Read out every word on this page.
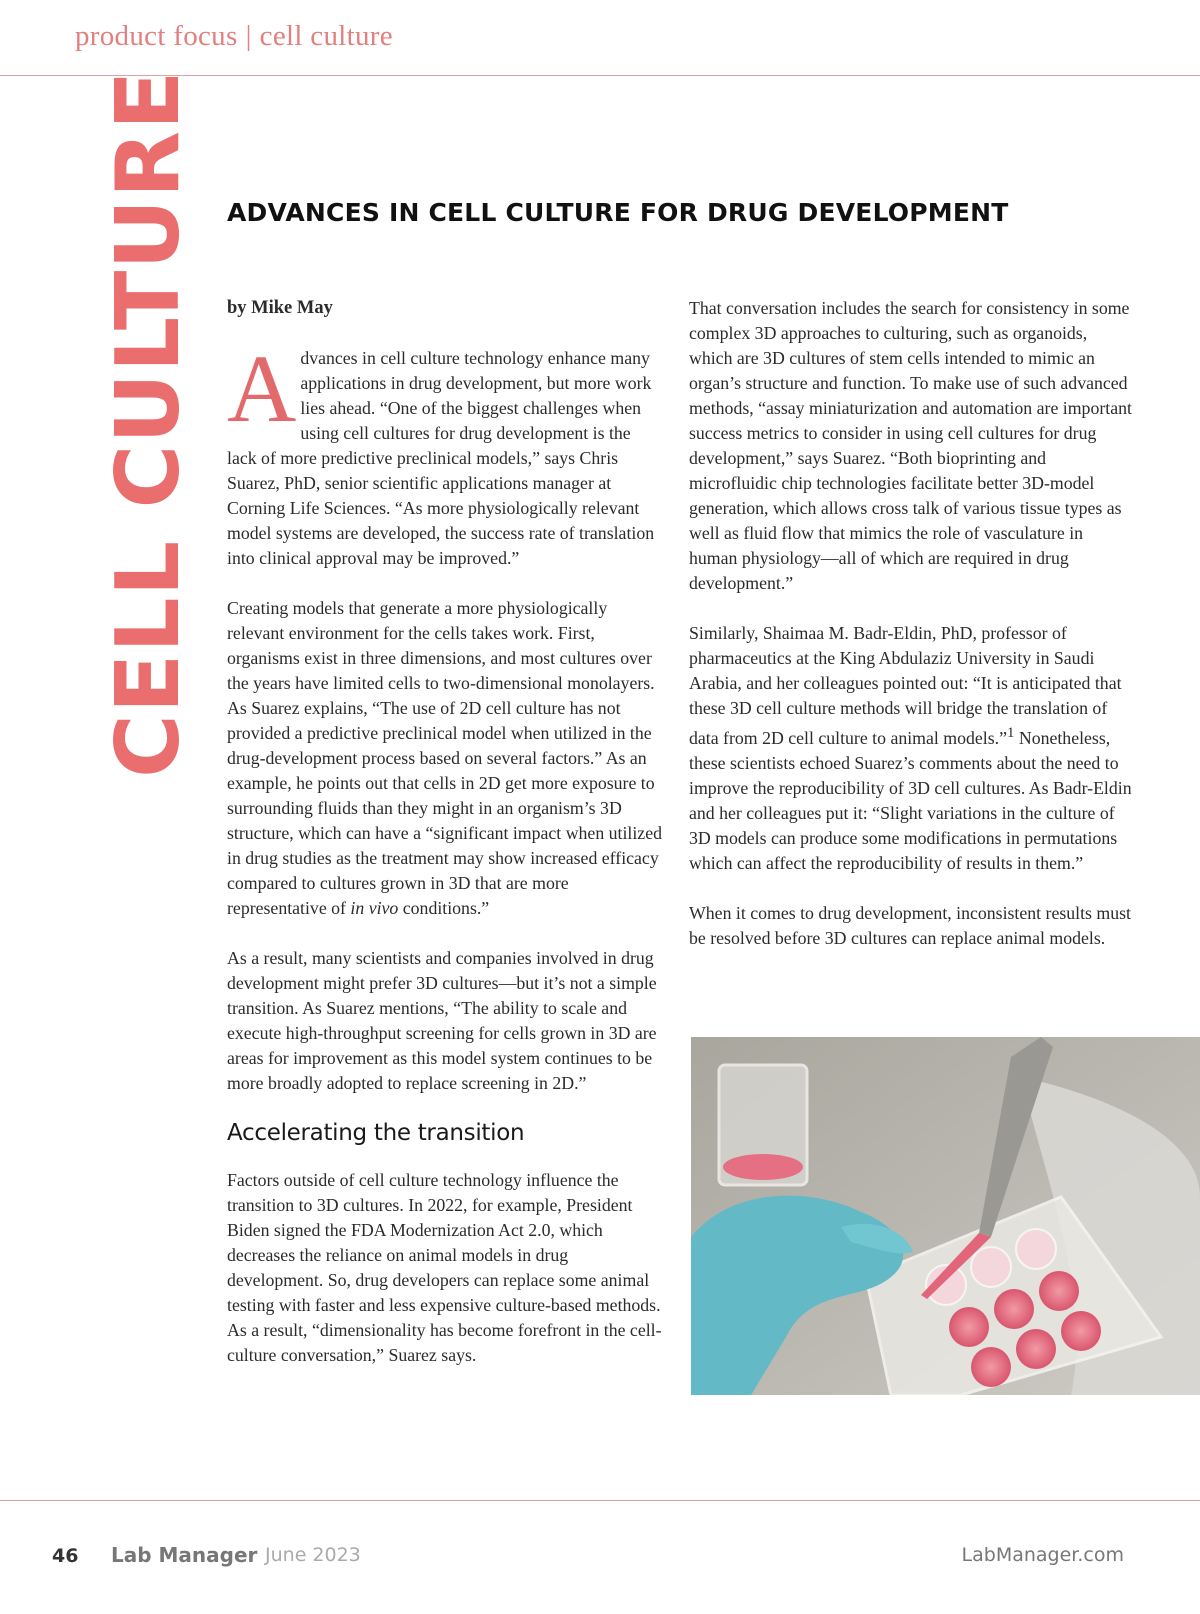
product focus | cell culture
CELL CULTURE ADVANCES IN CELL CULTURE FOR DRUG DEVELOPMENT
by Mike May

Advances in cell culture technology enhance many applications in drug development, but more work lies ahead. “One of the biggest challenges when using cell cultures for drug development is the lack of more predictive preclinical models,” says Chris Suarez, PhD, senior scientific applications manager at Corning Life Sciences. “As more physiologically relevant model systems are developed, the success rate of translation into clinical approval may be improved.”

Creating models that generate a more physiologically relevant environment for the cells takes work. First, organisms exist in three dimensions, and most cultures over the years have limited cells to two-dimensional monolayers. As Suarez explains, “The use of 2D cell culture has not provided a predictive preclinical model when utilized in the drug-development process based on several factors.” As an example, he points out that cells in 2D get more exposure to surrounding fluids than they might in an organism’s 3D structure, which can have a “significant impact when utilized in drug studies as the treatment may show increased efficacy compared to cultures grown in 3D that are more representative of in vivo conditions.”

As a result, many scientists and companies involved in drug development might prefer 3D cultures—but it’s not a simple transition. As Suarez mentions, “The ability to scale and execute high-throughput screening for cells grown in 3D are areas for improvement as this model system continues to be more broadly adopted to replace screening in 2D.”

Accelerating the transition

Factors outside of cell culture technology influence the transition to 3D cultures. In 2022, for example, President Biden signed the FDA Modernization Act 2.0, which decreases the reliance on animal models in drug development. So, drug developers can replace some animal testing with faster and less expensive culture-based methods. As a result, “dimensionality has become forefront in the cell-culture conversation,” Suarez says.

That conversation includes the search for consistency in some complex 3D approaches to culturing, such as organoids, which are 3D cultures of stem cells intended to mimic an organ’s structure and function. To make use of such advanced methods, “assay miniaturization and automation are important success metrics to consider in using cell cultures for drug development,” says Suarez. “Both bioprinting and microfluidic chip technologies facilitate better 3D-model generation, which allows cross talk of various tissue types as well as fluid flow that mimics the role of vasculature in human physiology—all of which are required in drug development.”

Similarly, Shaimaa M. Badr-Eldin, PhD, professor of pharmaceutics at the King Abdulaziz University in Saudi Arabia, and her colleagues pointed out: “It is anticipated that these 3D cell culture methods will bridge the translation of data from 2D cell culture to animal models.”$^1$ Nonetheless, these scientists echoed Suarez’s comments about the need to improve the reproducibility of 3D cell cultures. As Badr-Eldin and her colleagues put it: “Slight variations in the culture of 3D models can produce some modifications in permutations which can affect the reproducibility of results in them.”

When it comes to drug development, inconsistent results must be resolved before 3D cultures can replace animal models.

46 Lab Manager June 2023	LabManager.com
